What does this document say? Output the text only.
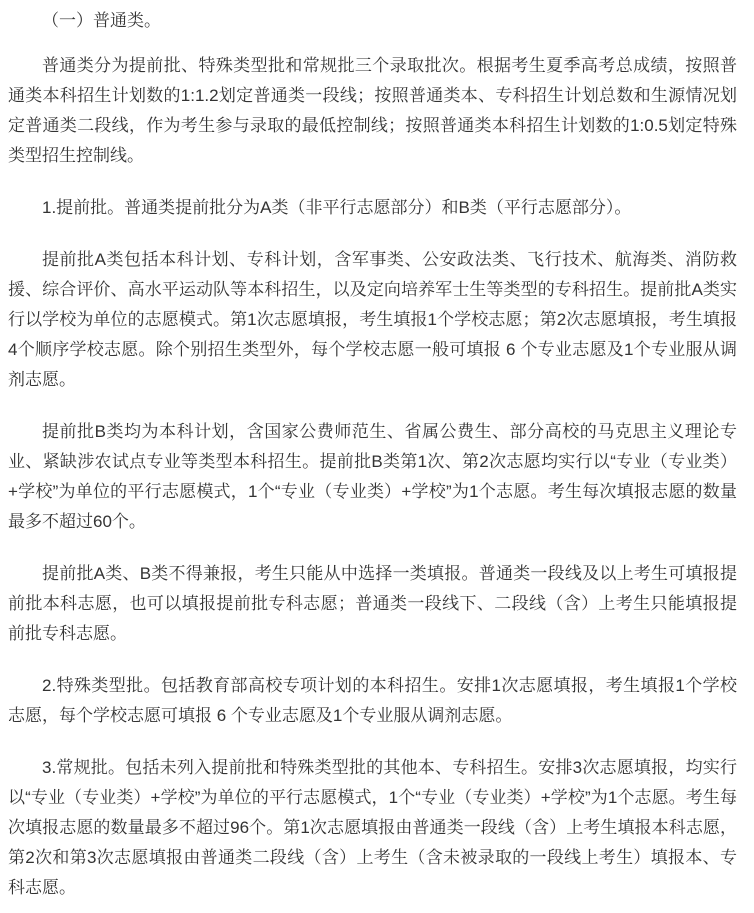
（一）普通类。

普通类分为提前批、特殊类型批和常规批三个录取批次。根据考生夏季高考总成绩，按照普通类本科招生计划数的1:1.2划定普通类一段线；按照普通类本、专科招生计划总数和生源情况划定普通类二段线，作为考生参与录取的最低控制线；按照普通类本科招生计划数的1:0.5划定特殊类型招生控制线。

1.提前批。普通类提前批分为A类（非平行志愿部分）和B类（平行志愿部分）。

提前批A类包括本科计划、专科计划，含军事类、公安政法类、飞行技术、航海类、消防救援、综合评价、高水平运动队等本科招生，以及定向培养军士生等类型的专科招生。提前批A类实行以学校为单位的志愿模式。第1次志愿填报，考生填报1个学校志愿；第2次志愿填报，考生填报4个顺序学校志愿。除个别招生类型外，每个学校志愿一般可填报 6 个专业志愿及1个专业服从调剂志愿。

提前批B类均为本科计划，含国家公费师范生、省属公费生、部分高校的马克思主义理论专业、紧缺涉农试点专业等类型本科招生。提前批B类第1次、第2次志愿均实行以“专业（专业类）+学校”为单位的平行志愿模式，1个“专业（专业类）+学校”为1个志愿。考生每次填报志愿的数量最多不超过60个。

提前批A类、B类不得兼报，考生只能从中选择一类填报。普通类一段线及以上考生可填报提前批本科志愿，也可以填报提前批专科志愿；普通类一段线下、二段线（含）上考生只能填报提前批专科志愿。

2.特殊类型批。包括教育部高校专项计划的本科招生。安排1次志愿填报，考生填报1个学校志愿，每个学校志愿可填报 6 个专业志愿及1个专业服从调剂志愿。

3.常规批。包括未列入提前批和特殊类型批的其他本、专科招生。安排3次志愿填报，均实行以“专业（专业类）+学校”为单位的平行志愿模式，1个“专业（专业类）+学校”为1个志愿。考生每次填报志愿的数量最多不超过96个。第1次志愿填报由普通类一段线（含）上考生填报本科志愿，第2次和第3次志愿填报由普通类二段线（含）上考生（含未被录取的一段线上考生）填报本、专科志愿。
